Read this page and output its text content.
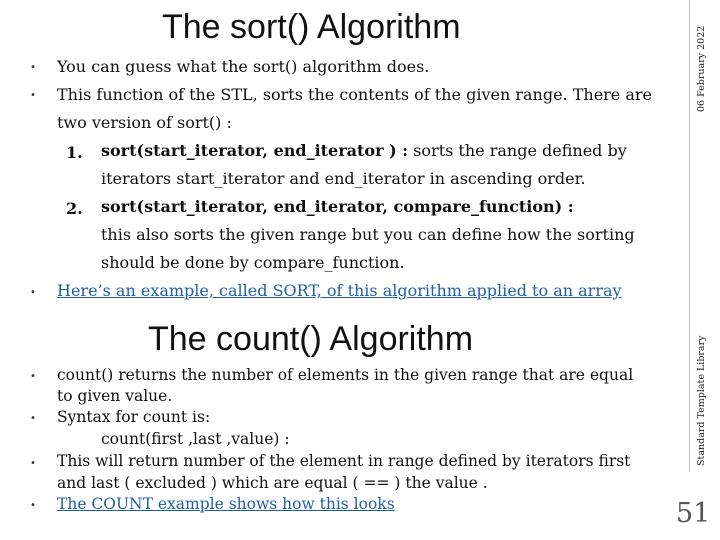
The sort() Algorithm
• You can guess what the sort() algorithm does.
• This function of the STL, sorts the contents of the given range. There are
two version of sort() :
1. sort(start_iterator, end_iterator ) : sorts the range defined by
iterators start_iterator and end_iterator in ascending order.
2. sort(start_iterator, end_iterator, compare_function) :
this also sorts the given range but you can define how the sorting
should be done by compare_function.
• Here’s an example, called SORT, of this algorithm applied to an array
The count() Algorithm
• count() returns the number of elements in the given range that are equal
to given value.
• Syntax for count is:
count(first ,last ,value) :
• This will return number of the element in range defined by iterators first
and last ( excluded ) which are equal ( == ) the value .
• The COUNT example shows how this looks
06 February 2022
Standard Template Library
51
